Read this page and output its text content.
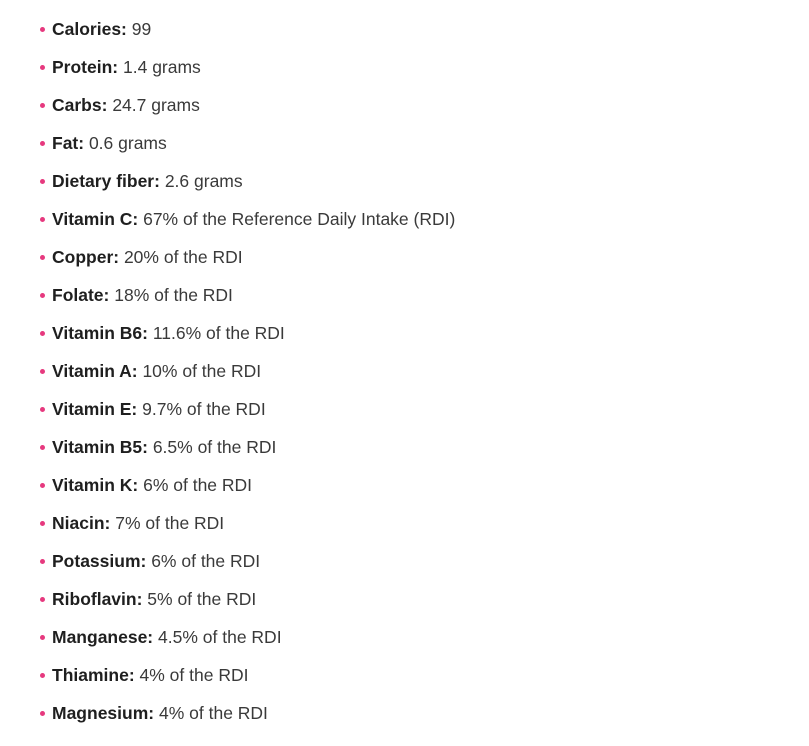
Calories: 99
Protein: 1.4 grams
Carbs: 24.7 grams
Fat: 0.6 grams
Dietary fiber: 2.6 grams
Vitamin C: 67% of the Reference Daily Intake (RDI)
Copper: 20% of the RDI
Folate: 18% of the RDI
Vitamin B6: 11.6% of the RDI
Vitamin A: 10% of the RDI
Vitamin E: 9.7% of the RDI
Vitamin B5: 6.5% of the RDI
Vitamin K: 6% of the RDI
Niacin: 7% of the RDI
Potassium: 6% of the RDI
Riboflavin: 5% of the RDI
Manganese: 4.5% of the RDI
Thiamine: 4% of the RDI
Magnesium: 4% of the RDI
